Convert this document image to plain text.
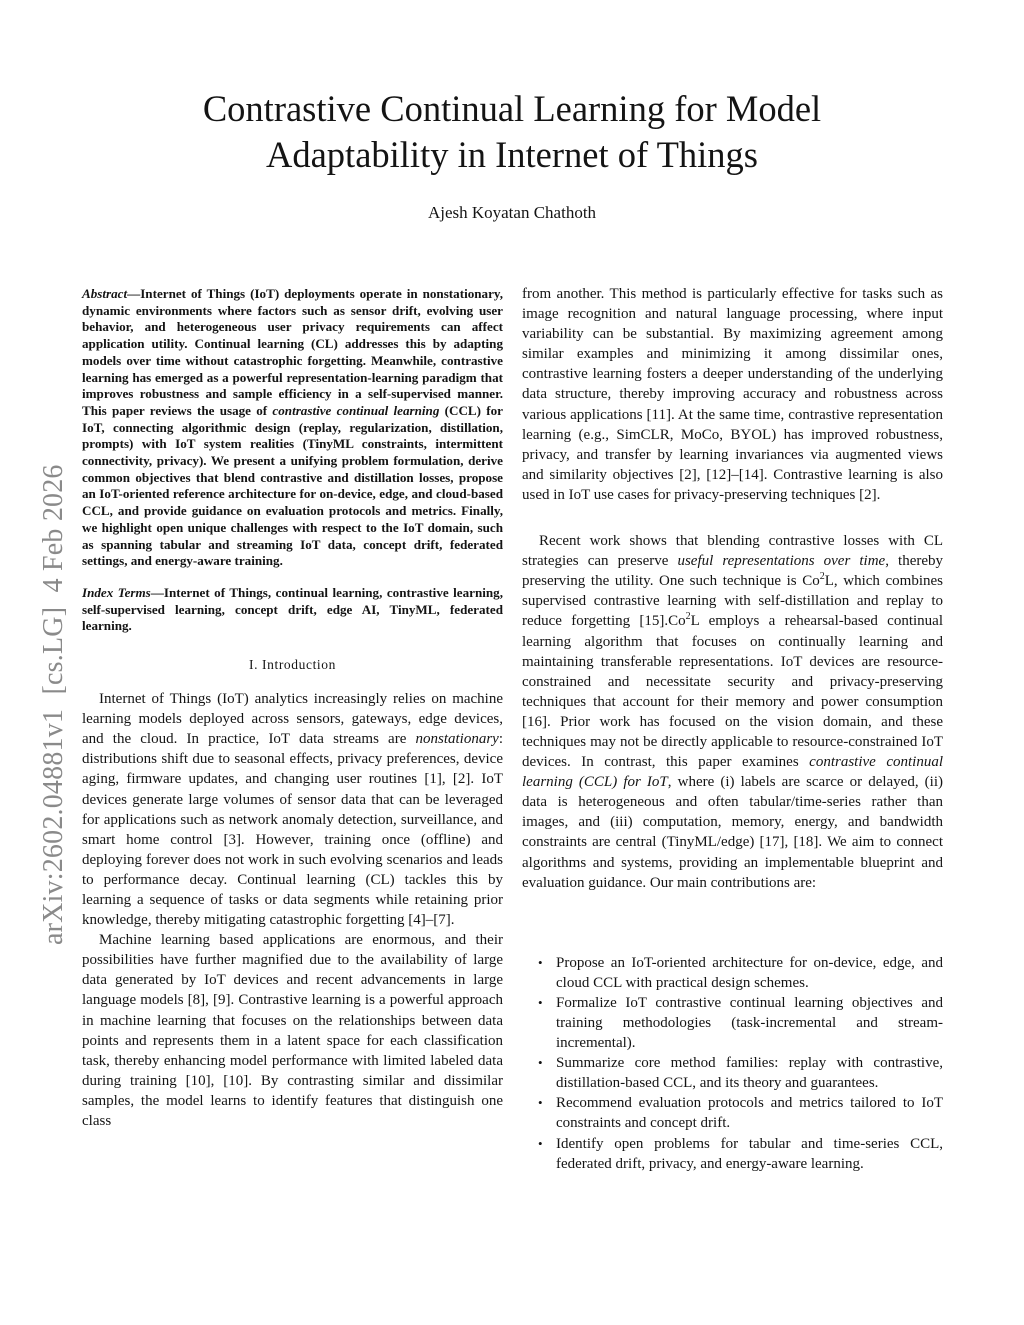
Contrastive Continual Learning for Model Adaptability in Internet of Things
Ajesh Koyatan Chathoth
arXiv:2602.04881v1  [cs.LG]  4 Feb 2026

Abstract—Internet of Things (IoT) deployments operate in nonstationary, dynamic environments where factors such as sensor drift, evolving user behavior, and heterogeneous user privacy requirements can affect application utility. Continual learning (CL) addresses this by adapting models over time without catastrophic forgetting. Meanwhile, contrastive learning has emerged as a powerful representation-learning paradigm that improves robustness and sample efficiency in a self-supervised manner. This paper reviews the usage of contrastive continual learning (CCL) for IoT, connecting algorithmic design (replay, regularization, distillation, prompts) with IoT system realities (TinyML constraints, intermittent connectivity, privacy). We present a unifying problem formulation, derive common objectives that blend contrastive and distillation losses, propose an IoT-oriented reference architecture for on-device, edge, and cloud-based CCL, and provide guidance on evaluation protocols and metrics. Finally, we highlight open unique challenges with respect to the IoT domain, such as spanning tabular and streaming IoT data, concept drift, federated settings, and energy-aware training.

Index Terms—Internet of Things, continual learning, contrastive learning, self-supervised learning, concept drift, edge AI, TinyML, federated learning.

I. Introduction

Internet of Things (IoT) analytics increasingly relies on machine learning models deployed across sensors, gateways, edge devices, and the cloud. In practice, IoT data streams are nonstationary: distributions shift due to seasonal effects, privacy preferences, device aging, firmware updates, and changing user routines [1], [2]. IoT devices generate large volumes of sensor data that can be leveraged for applications such as network anomaly detection, surveillance, and smart home control [3]. However, training once (offline) and deploying forever does not work in such evolving scenarios and leads to performance decay. Continual learning (CL) tackles this by learning a sequence of tasks or data segments while retaining prior knowledge, thereby mitigating catastrophic forgetting [4]–[7].

Machine learning based applications are enormous, and their possibilities have further magnified due to the availability of large data generated by IoT devices and recent advancements in large language models [8], [9]. Contrastive learning is a powerful approach in machine learning that focuses on the relationships between data points and represents them in a latent space for each classification task, thereby enhancing model performance with limited labeled data during training [10], [10]. By contrasting similar and dissimilar samples, the model learns to identify features that distinguish one class

from another. This method is particularly effective for tasks such as image recognition and natural language processing, where input variability can be substantial. By maximizing agreement among similar examples and minimizing it among dissimilar ones, contrastive learning fosters a deeper understanding of the underlying data structure, thereby improving accuracy and robustness across various applications [11]. At the same time, contrastive representation learning (e.g., SimCLR, MoCo, BYOL) has improved robustness, privacy, and transfer by learning invariances via augmented views and similarity objectives [2], [12]–[14]. Contrastive learning is also used in IoT use cases for privacy-preserving techniques [2].

Recent work shows that blending contrastive losses with CL strategies can preserve useful representations over time, thereby preserving the utility. One such technique is Co$^2$L, which combines supervised contrastive learning with self-distillation and replay to reduce forgetting [15].Co$^2$L employs a rehearsal-based continual learning algorithm that focuses on continually learning and maintaining transferable representations. IoT devices are resource-constrained and necessitate security and privacy-preserving techniques that account for their memory and power consumption [16]. Prior work has focused on the vision domain, and these techniques may not be directly applicable to resource-constrained IoT devices. In contrast, this paper examines contrastive continual learning (CCL) for IoT, where (i) labels are scarce or delayed, (ii) data is heterogeneous and often tabular/time-series rather than images, and (iii) computation, memory, energy, and bandwidth constraints are central (TinyML/edge) [17], [18]. We aim to connect algorithms and systems, providing an implementable blueprint and evaluation guidance. Our main contributions are:

• Propose an IoT-oriented architecture for on-device, edge, and cloud CCL with practical design schemes.
• Formalize IoT contrastive continual learning objectives and training methodologies (task-incremental and stream-incremental).
• Summarize core method families: replay with contrastive, distillation-based CCL, and its theory and guarantees.
• Recommend evaluation protocols and metrics tailored to IoT constraints and concept drift.
• Identify open problems for tabular and time-series CCL, federated drift, privacy, and energy-aware learning.
